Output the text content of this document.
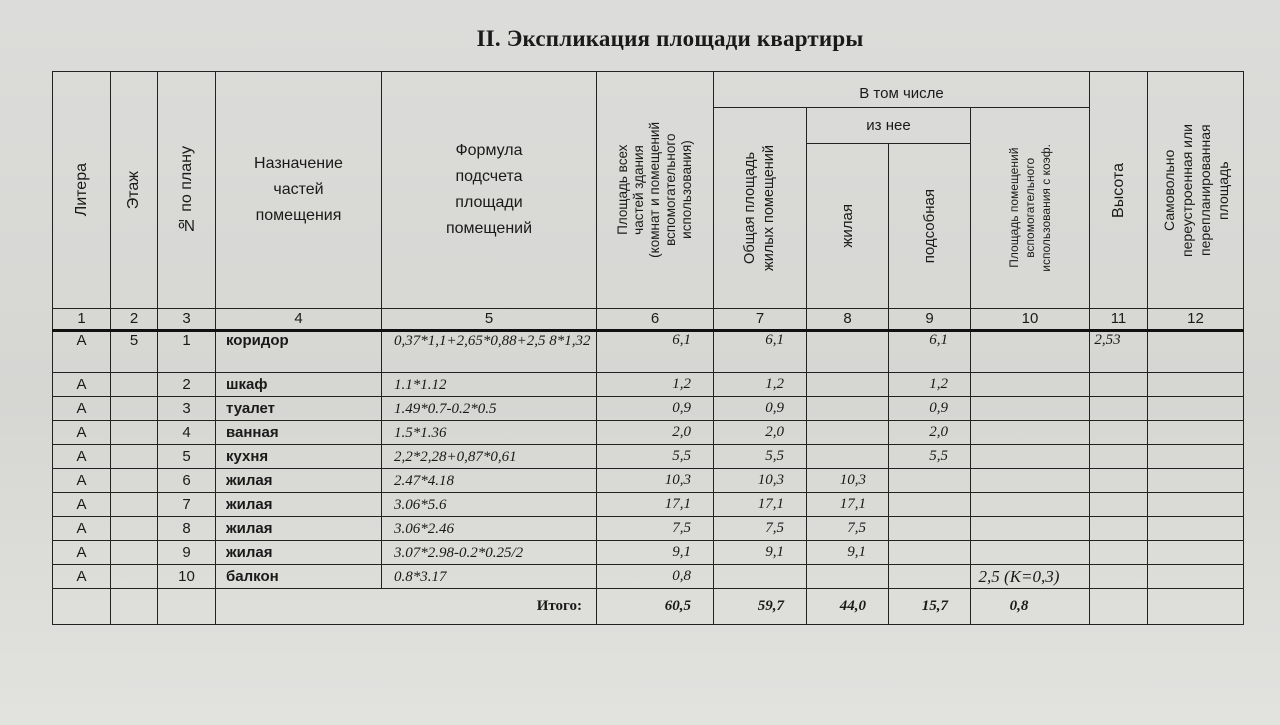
II. Экспликация площади квартиры
Литера	Этаж	№ по плану	Назначение
частей
помещения	Формула
подсчета
площади
помещений	Площадь всех
частей здания
(комнат и помещений
вспомогательного
использования)	В том числе				Высота	Самовольно
переустроенная или
перепланированная
площадь

						Общая площадь
жилых помещений	из нее		Площадь помещений
вспомогательного
использования с коэф.		

							жилая	подсобная			

1	2	3	4	5	6	7	8	9	10	11	12
А	5	1	коридор	0,37*1,1+2,65*0,88+2,5 8*1,32	6,1	6,1		6,1		2,53	
А		2	шкаф	1.1*1.12	1,2	1,2		1,2			
А		3	туалет	1.49*0.7-0.2*0.5	0,9	0,9		0,9			
А		4	ванная	1.5*1.36	2,0	2,0		2,0			
А		5	кухня	2,2*2,28+0,87*0,61	5,5	5,5		5,5			
А		6	жилая	2.47*4.18	10,3	10,3	10,3				
А		7	жилая	3.06*5.6	17,1	17,1	17,1				
А		8	жилая	3.06*2.46	7,5	7,5	7,5				
А		9	жилая	3.07*2.98-0.2*0.25/2	9,1	9,1	9,1				
А		10	балкон	0.8*3.17	0,8				2,5 (K=0,3)		
			Итого:		60,5	59,7	44,0	15,7	0,8		
